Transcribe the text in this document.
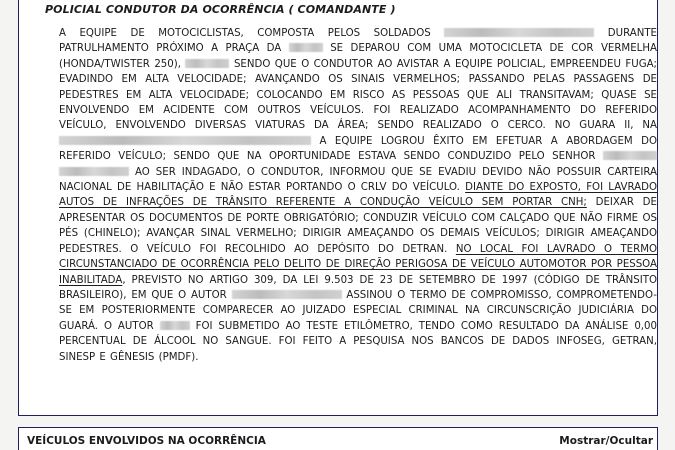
POLICIAL CONDUTOR DA OCORRÊNCIA ( COMANDANTE )

A EQUIPE DE MOTOCICLISTAS, COMPOSTA PELOS SOLDADOS	DURANTE PATRULHAMENTO PRÓXIMO A PRAÇA DA	SE DEPAROU COM UMA MOTOCICLETA DE COR VERMELHA (HONDA/TWISTER 250),	SENDO QUE O CONDUTOR AO AVISTAR A EQUIPE POLICIAL, EMPREENDEU FUGA; EVADINDO EM ALTA VELOCIDADE; AVANÇANDO OS SINAIS VERMELHOS; PASSANDO PELAS PASSAGENS DE PEDESTRES EM ALTA VELOCIDADE; COLOCANDO EM RISCO AS PESSOAS QUE ALI TRANSITAVAM; QUASE SE ENVOLVENDO EM ACIDENTE COM OUTROS VEÍCULOS. FOI REALIZADO ACOMPANHAMENTO DO REFERIDO VEÍCULO, ENVOLVENDO DIVERSAS VIATURAS DA ÁREA; SENDO REALIZADO O CERCO. NO GUARA II, NA  A EQUIPE LOGROU ÊXITO EM EFETUAR A ABORDAGEM DO REFERIDO VEÍCULO; SENDO QUE NA OPORTUNIDADE ESTAVA SENDO CONDUZIDO PELO SENHOR   AO SER INDAGADO, O CONDUTOR, INFORMOU QUE SE EVADIU DEVIDO NÃO POSSUIR CARTEIRA NACIONAL DE HABILITAÇÃO E NÃO ESTAR PORTANDO O CRLV DO VEÍCULO. DIANTE DO EXPOSTO, FOI LAVRADO AUTOS DE INFRAÇÕES DE TRÂNSITO REFERENTE A CONDUÇÃO VEÍCULO SEM PORTAR CNH; DEIXAR DE APRESENTAR OS DOCUMENTOS DE PORTE OBRIGATÓRIO; CONDUZIR VEÍCULO COM CALÇADO QUE NÃO FIRME OS PÉS (CHINELO); AVANÇAR SINAL VERMELHO; DIRIGIR AMEAÇANDO OS DEMAIS VEÍCULOS; DIRIGIR AMEAÇANDO PEDESTRES. O VEÍCULO FOI RECOLHIDO AO DEPÓSITO DO DETRAN. NO LOCAL FOI LAVRADO O TERMO CIRCUNSTANCIADO DE OCORRÊNCIA PELO DELITO DE DIREÇÃO PERIGOSA DE VEÍCULO AUTOMOTOR POR PESSOA INABILITADA, PREVISTO NO ARTIGO 309, DA LEI 9.503 DE 23 DE SETEMBRO DE 1997 (CÓDIGO DE TRÂNSITO BRASILEIRO), EM QUE O AUTOR	ASSINOU O TERMO DE COMPROMISSO, COMPROMETENDO-SE EM POSTERIORMENTE COMPARECER AO JUIZADO ESPECIAL CRIMINAL NA CIRCUNSCRIÇÃO JUDICIÁRIA DO GUARÁ. O AUTOR	FOI SUBMETIDO AO TESTE ETILÔMETRO, TENDO COMO RESULTADO DA ANÁLISE 0,00 PERCENTUAL DE ÁLCOOL NO SANGUE. FOI FEITO A PESQUISA NOS BANCOS DE DADOS INFOSEG, GETRAN, SINESP E GÊNESIS (PMDF).

VEÍCULOS ENVOLVIDOS NA OCORRÊNCIA	Mostrar/Ocultar
